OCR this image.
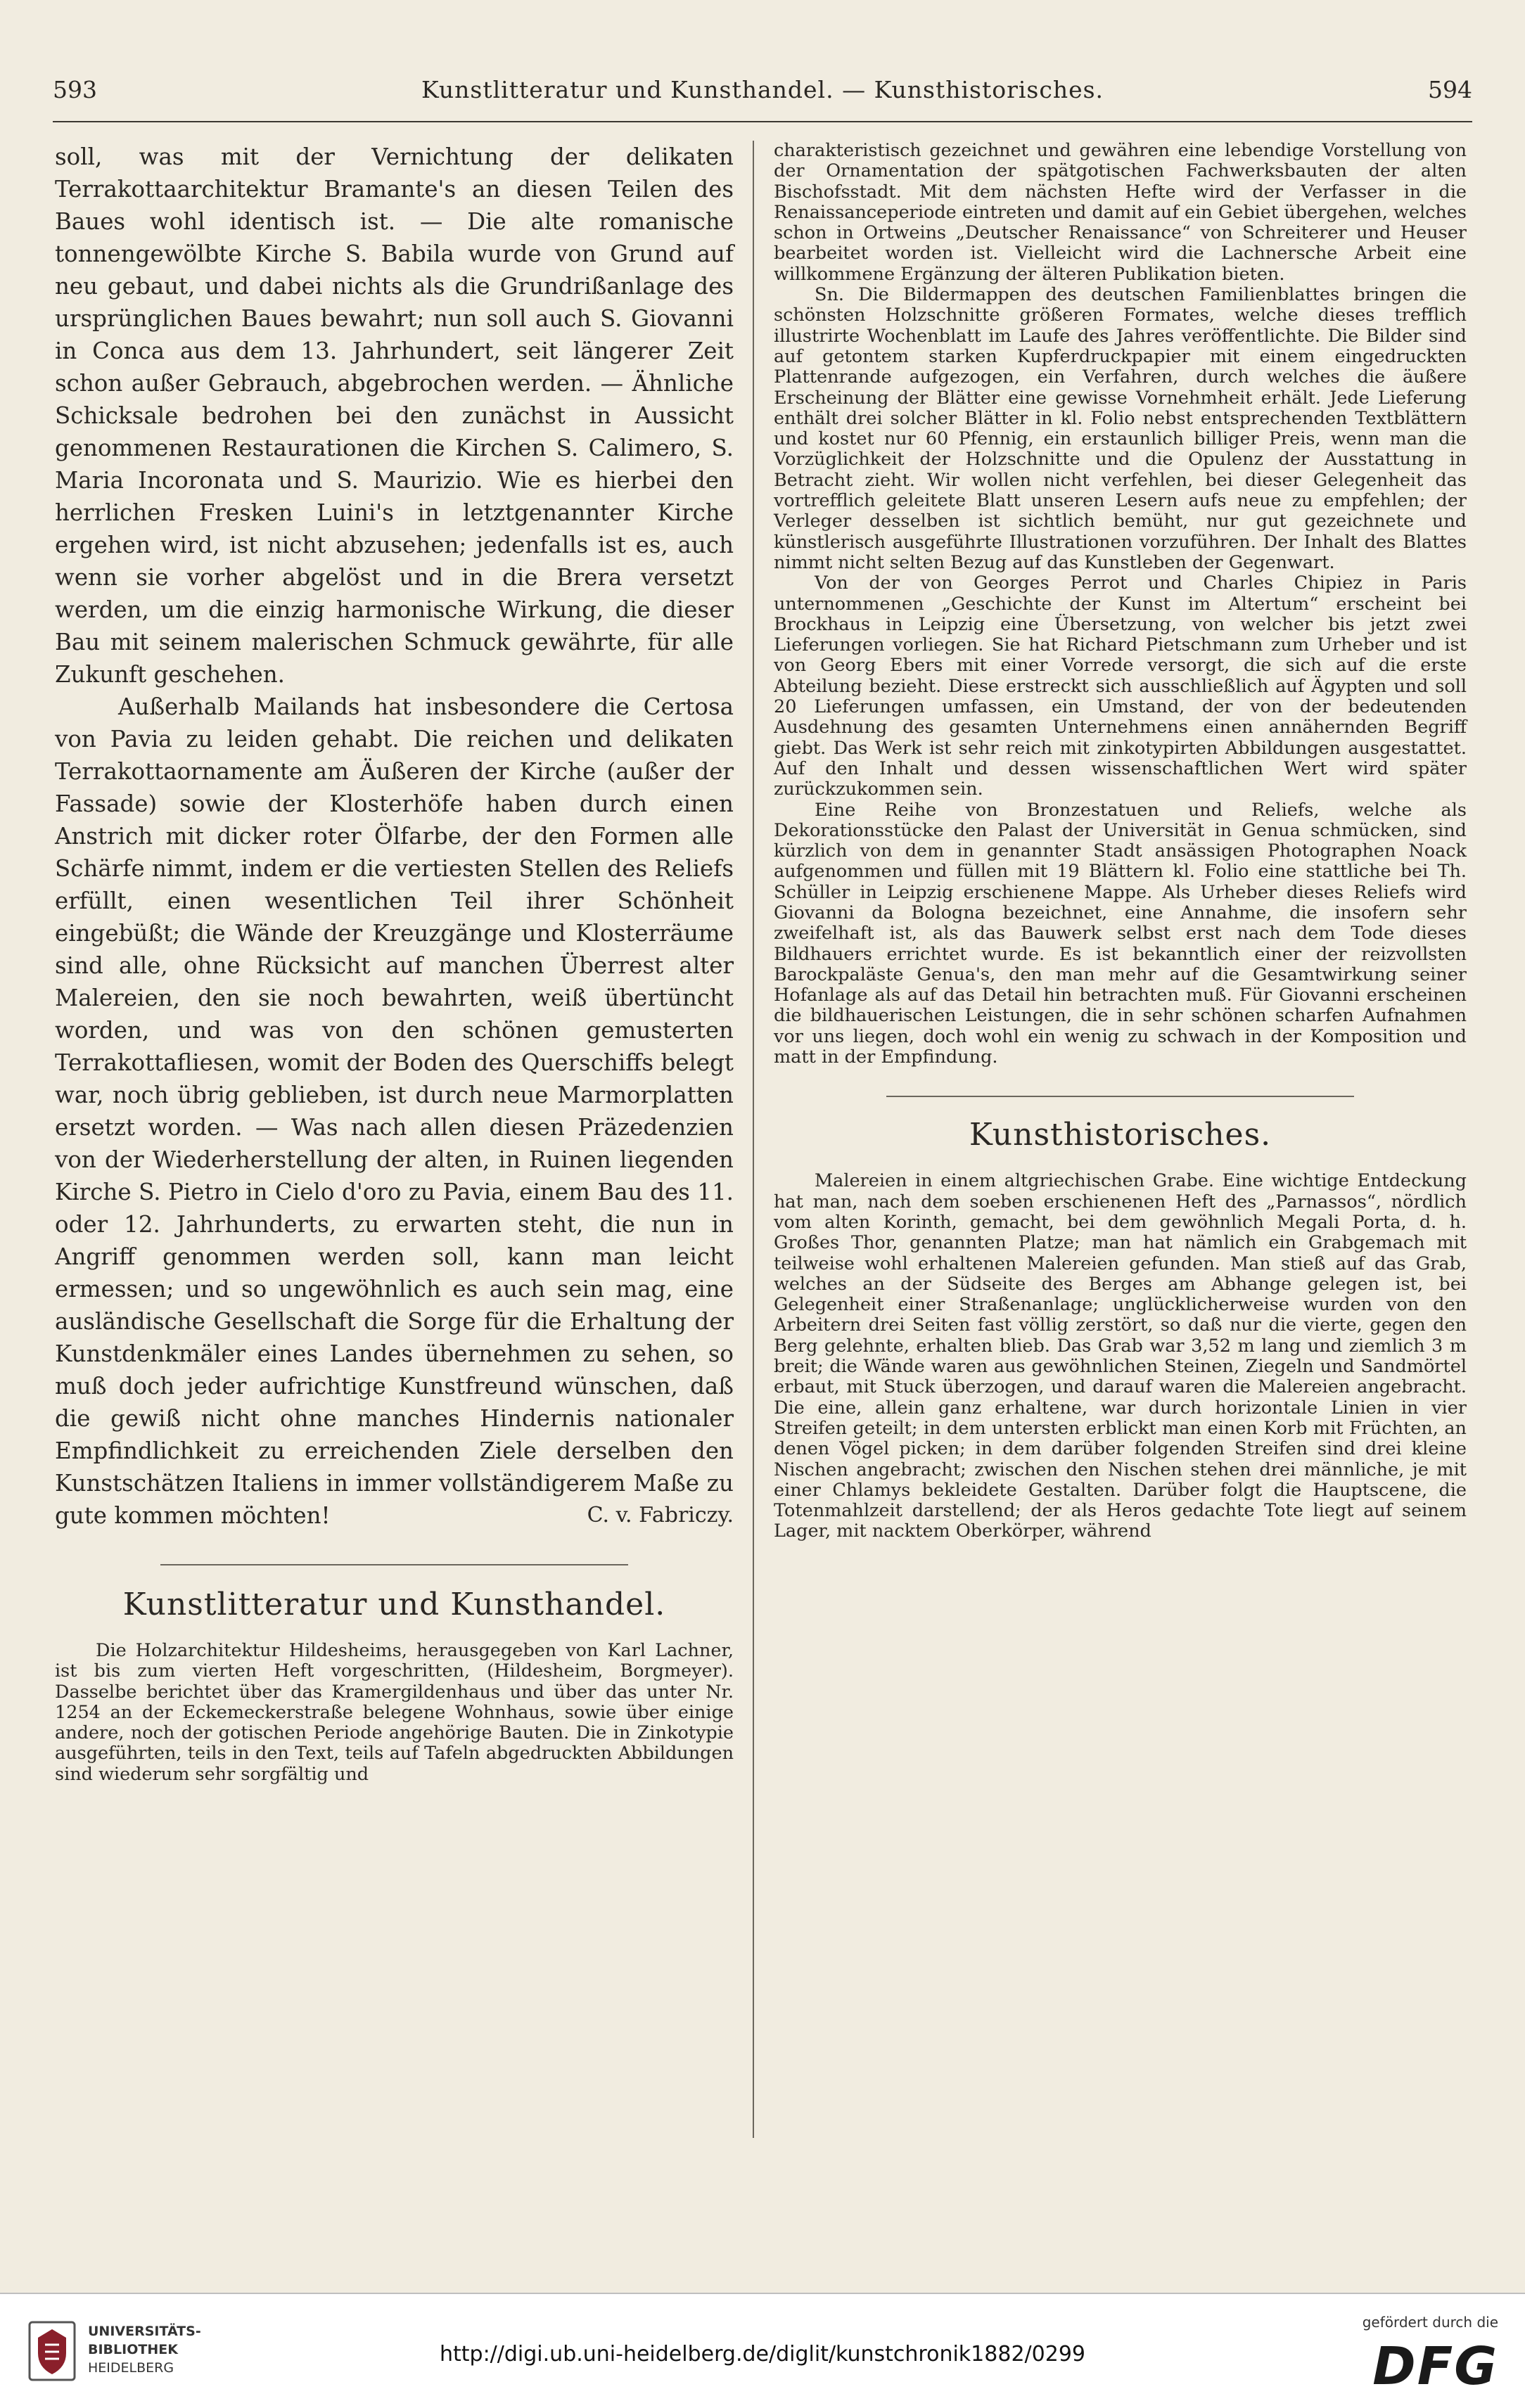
593	Kunstlitteratur und Kunsthandel. — Kunsthistorisches.	594

soll, was mit der Vernichtung der delikaten Terrakottaarchitektur Bramante's an diesen Teilen des Baues wohl identisch ist. — Die alte romanische tonnengewölbte Kirche S. Babila wurde von Grund auf neu gebaut, und dabei nichts als die Grundrißanlage des ursprünglichen Baues bewahrt; nun soll auch S. Giovanni in Conca aus dem 13. Jahrhundert, seit längerer Zeit schon außer Gebrauch, abgebrochen werden. — Ähnliche Schicksale bedrohen bei den zunächst in Aussicht genommenen Restaurationen die Kirchen S. Calimero, S. Maria Incoronata und S. Maurizio. Wie es hierbei den herrlichen Fresken Luini's in letztgenannter Kirche ergehen wird, ist nicht abzusehen; jedenfalls ist es, auch wenn sie vorher abgelöst und in die Brera versetzt werden, um die einzig harmonische Wirkung, die dieser Bau mit seinem malerischen Schmuck gewährte, für alle Zukunft geschehen.

Außerhalb Mailands hat insbesondere die Certosa von Pavia zu leiden gehabt. Die reichen und delikaten Terrakottaornamente am Äußeren der Kirche (außer der Fassade) sowie der Klosterhöfe haben durch einen Anstrich mit dicker roter Ölfarbe, der den Formen alle Schärfe nimmt, indem er die vertiesten Stellen des Reliefs erfüllt, einen wesentlichen Teil ihrer Schönheit eingebüßt; die Wände der Kreuzgänge und Klosterräume sind alle, ohne Rücksicht auf manchen Überrest alter Malereien, den sie noch bewahrten, weiß übertüncht worden, und was von den schönen gemusterten Terrakottafliesen, womit der Boden des Querschiffs belegt war, noch übrig geblieben, ist durch neue Marmorplatten ersetzt worden. — Was nach allen diesen Präzedenzien von der Wiederherstellung der alten, in Ruinen liegenden Kirche S. Pietro in Cielo d'oro zu Pavia, einem Bau des 11. oder 12. Jahrhunderts, zu erwarten steht, die nun in Angriff genommen werden soll, kann man leicht ermessen; und so ungewöhnlich es auch sein mag, eine ausländische Gesellschaft die Sorge für die Erhaltung der Kunstdenkmäler eines Landes übernehmen zu sehen, so muß doch jeder aufrichtige Kunstfreund wünschen, daß die gewiß nicht ohne manches Hindernis nationaler Empfindlichkeit zu erreichenden Ziele derselben den Kunstschätzen Italiens in immer vollständigerem Maße zu gute kommen möchten!	C. v. Fabriczy.
Kunstlitteratur und Kunsthandel.

Die Holzarchitektur Hildesheims, herausgegeben von Karl Lachner, ist bis zum vierten Heft vorgeschritten, (Hildesheim, Borgmeyer). Dasselbe berichtet über das Kramergildenhaus und über das unter Nr. 1254 an der Eckemeckerstraße belegene Wohnhaus, sowie über einige andere, noch der gotischen Periode angehörige Bauten. Die in Zinkotypie ausgeführten, teils in den Text, teils auf Tafeln abgedruckten Abbildungen sind wiederum sehr sorgfältig und

charakteristisch gezeichnet und gewähren eine lebendige Vorstellung von der Ornamentation der spätgotischen Fachwerksbauten der alten Bischofsstadt. Mit dem nächsten Hefte wird der Verfasser in die Renaissanceperiode eintreten und damit auf ein Gebiet übergehen, welches schon in Ortweins „Deutscher Renaissance“ von Schreiterer und Heuser bearbeitet worden ist. Vielleicht wird die Lachnersche Arbeit eine willkommene Ergänzung der älteren Publikation bieten.

Sn. Die Bildermappen des deutschen Familienblattes bringen die schönsten Holzschnitte größeren Formates, welche dieses trefflich illustrirte Wochenblatt im Laufe des Jahres veröffentlichte. Die Bilder sind auf getontem starken Kupferdruckpapier mit einem eingedruckten Plattenrande aufgezogen, ein Verfahren, durch welches die äußere Erscheinung der Blätter eine gewisse Vornehmheit erhält. Jede Lieferung enthält drei solcher Blätter in kl. Folio nebst entsprechenden Textblättern und kostet nur 60 Pfennig, ein erstaunlich billiger Preis, wenn man die Vorzüglichkeit der Holzschnitte und die Opulenz der Ausstattung in Betracht zieht. Wir wollen nicht verfehlen, bei dieser Gelegenheit das vortrefflich geleitete Blatt unseren Lesern aufs neue zu empfehlen; der Verleger desselben ist sichtlich bemüht, nur gut gezeichnete und künstlerisch ausgeführte Illustrationen vorzuführen. Der Inhalt des Blattes nimmt nicht selten Bezug auf das Kunstleben der Gegenwart.

Von der von Georges Perrot und Charles Chipiez in Paris unternommenen „Geschichte der Kunst im Altertum“ erscheint bei Brockhaus in Leipzig eine Übersetzung, von welcher bis jetzt zwei Lieferungen vorliegen. Sie hat Richard Pietschmann zum Urheber und ist von Georg Ebers mit einer Vorrede versorgt, die sich auf die erste Abteilung bezieht. Diese erstreckt sich ausschließlich auf Ägypten und soll 20 Lieferungen umfassen, ein Umstand, der von der bedeutenden Ausdehnung des gesamten Unternehmens einen annähernden Begriff giebt. Das Werk ist sehr reich mit zinkotypirten Abbildungen ausgestattet. Auf den Inhalt und dessen wissenschaftlichen Wert wird später zurückzukommen sein.

Eine Reihe von Bronzestatuen und Reliefs, welche als Dekorationsstücke den Palast der Universität in Genua schmücken, sind kürzlich von dem in genannter Stadt ansässigen Photographen Noack aufgenommen und füllen mit 19 Blättern kl. Folio eine stattliche bei Th. Schüller in Leipzig erschienene Mappe. Als Urheber dieses Reliefs wird Giovanni da Bologna bezeichnet, eine Annahme, die insofern sehr zweifelhaft ist, als das Bauwerk selbst erst nach dem Tode dieses Bildhauers errichtet wurde. Es ist bekanntlich einer der reizvollsten Barockpaläste Genua's, den man mehr auf die Gesamtwirkung seiner Hofanlage als auf das Detail hin betrachten muß. Für Giovanni erscheinen die bildhauerischen Leistungen, die in sehr schönen scharfen Aufnahmen vor uns liegen, doch wohl ein wenig zu schwach in der Komposition und matt in der Empfindung.

Kunsthistorisches.

Malereien in einem altgriechischen Grabe. Eine wichtige Entdeckung hat man, nach dem soeben erschienenen Heft des „Parnassos“, nördlich vom alten Korinth, gemacht, bei dem gewöhnlich Megali Porta, d. h. Großes Thor, genannten Platze; man hat nämlich ein Grabgemach mit teilweise wohl erhaltenen Malereien gefunden. Man stieß auf das Grab, welches an der Südseite des Berges am Abhange gelegen ist, bei Gelegenheit einer Straßenanlage; unglücklicherweise wurden von den Arbeitern drei Seiten fast völlig zerstört, so daß nur die vierte, gegen den Berg gelehnte, erhalten blieb. Das Grab war 3,52 m lang und ziemlich 3 m breit; die Wände waren aus gewöhnlichen Steinen, Ziegeln und Sandmörtel erbaut, mit Stuck überzogen, und darauf waren die Malereien angebracht. Die eine, allein ganz erhaltene, war durch horizontale Linien in vier Streifen geteilt; in dem untersten erblickt man einen Korb mit Früchten, an denen Vögel picken; in dem darüber folgenden Streifen sind drei kleine Nischen angebracht; zwischen den Nischen stehen drei männliche, je mit einer Chlamys bekleidete Gestalten. Darüber folgt die Hauptscene, die Totenmahlzeit darstellend; der als Heros gedachte Tote liegt auf seinem Lager, mit nacktem Oberkörper, während

UNIVERSITÄTS-
BIBLIOTHEK
HEIDELBERG
http://digi.ub.uni-heidelberg.de/diglit/kunstchronik1882/0299
gefördert durch die
DFG
